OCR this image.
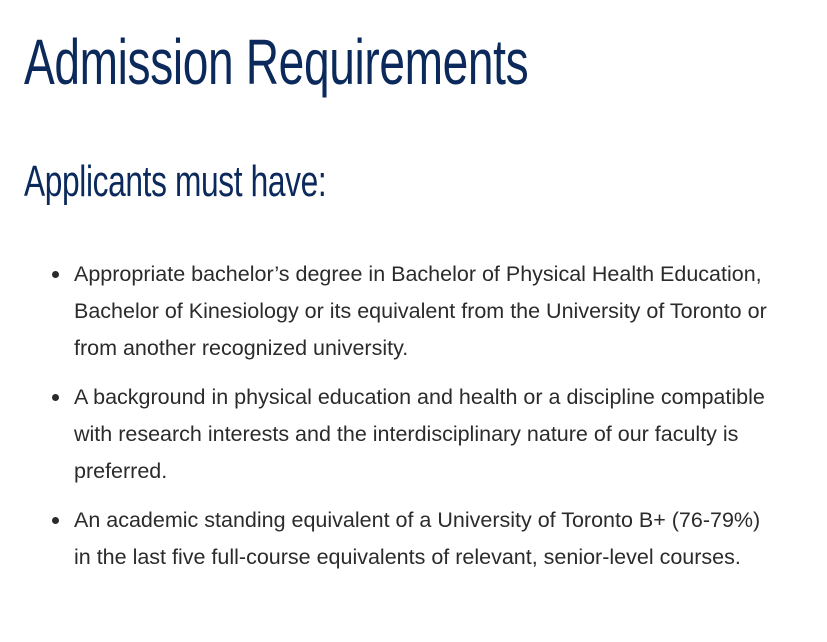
Admission Requirements
Applicants must have:
Appropriate bachelor’s degree in Bachelor of Physical Health Education, Bachelor of Kinesiology or its equivalent from the University of Toronto or from another recognized university.
A background in physical education and health or a discipline compatible with research interests and the interdisciplinary nature of our faculty is preferred.
An academic standing equivalent of a University of Toronto B+ (76-79%) in the last five full-course equivalents of relevant, senior-level courses.
